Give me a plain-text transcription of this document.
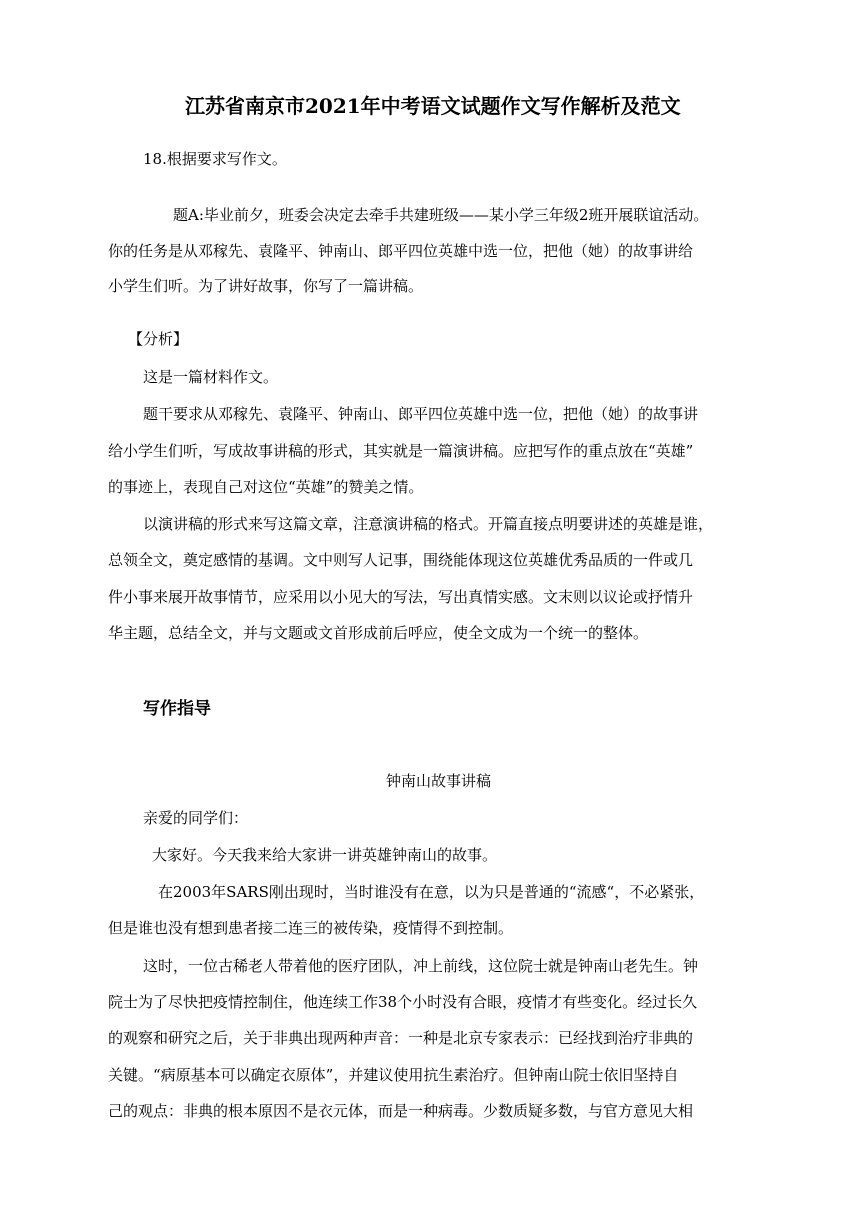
江苏省南京市2021年中考语文试题作文写作解析及范文
18.根据要求写作文。
题A:毕业前夕，班委会决定去牵手共建班级——某小学三年级2班开展联谊活动。
你的任务是从邓稼先、袁隆平、钟南山、郎平四位英雄中选一位，把他（她）的故事讲给
小学生们听。为了讲好故事，你写了一篇讲稿。
【分析】
这是一篇材料作文。
题干要求从邓稼先、袁隆平、钟南山、郎平四位英雄中选一位，把他（她）的故事讲
给小学生们听，写成故事讲稿的形式，其实就是一篇演讲稿。应把写作的重点放在“英雄”
的事迹上，表现自己对这位“英雄”的赞美之情。
以演讲稿的形式来写这篇文章，注意演讲稿的格式。开篇直接点明要讲述的英雄是谁，
总领全文，奠定感情的基调。文中则写人记事，围绕能体现这位英雄优秀品质的一件或几
件小事来展开故事情节，应采用以小见大的写法，写出真情实感。文末则以议论或抒情升
华主题，总结全文，并与文题或文首形成前后呼应，使全文成为一个统一的整体。
写作指导
钟南山故事讲稿
亲爱的同学们：
大家好。今天我来给大家讲一讲英雄钟南山的故事。
在2003年SARS刚出现时，当时谁没有在意，以为只是普通的“流感“，不必紧张，
但是谁也没有想到患者接二连三的被传染，疫情得不到控制。
这时，一位古稀老人带着他的医疗团队，冲上前线，这位院士就是钟南山老先生。钟
院士为了尽快把疫情控制住，他连续工作38个小时没有合眼，疫情才有些变化。经过长久
的观察和研究之后，关于非典出现两种声音：一种是北京专家表示：已经找到治疗非典的
关键。“病原基本可以确定衣原体”，并建议使用抗生素治疗。但钟南山院士依旧坚持自
己的观点：非典的根本原因不是衣元体，而是一种病毒。少数质疑多数，与官方意见大相
